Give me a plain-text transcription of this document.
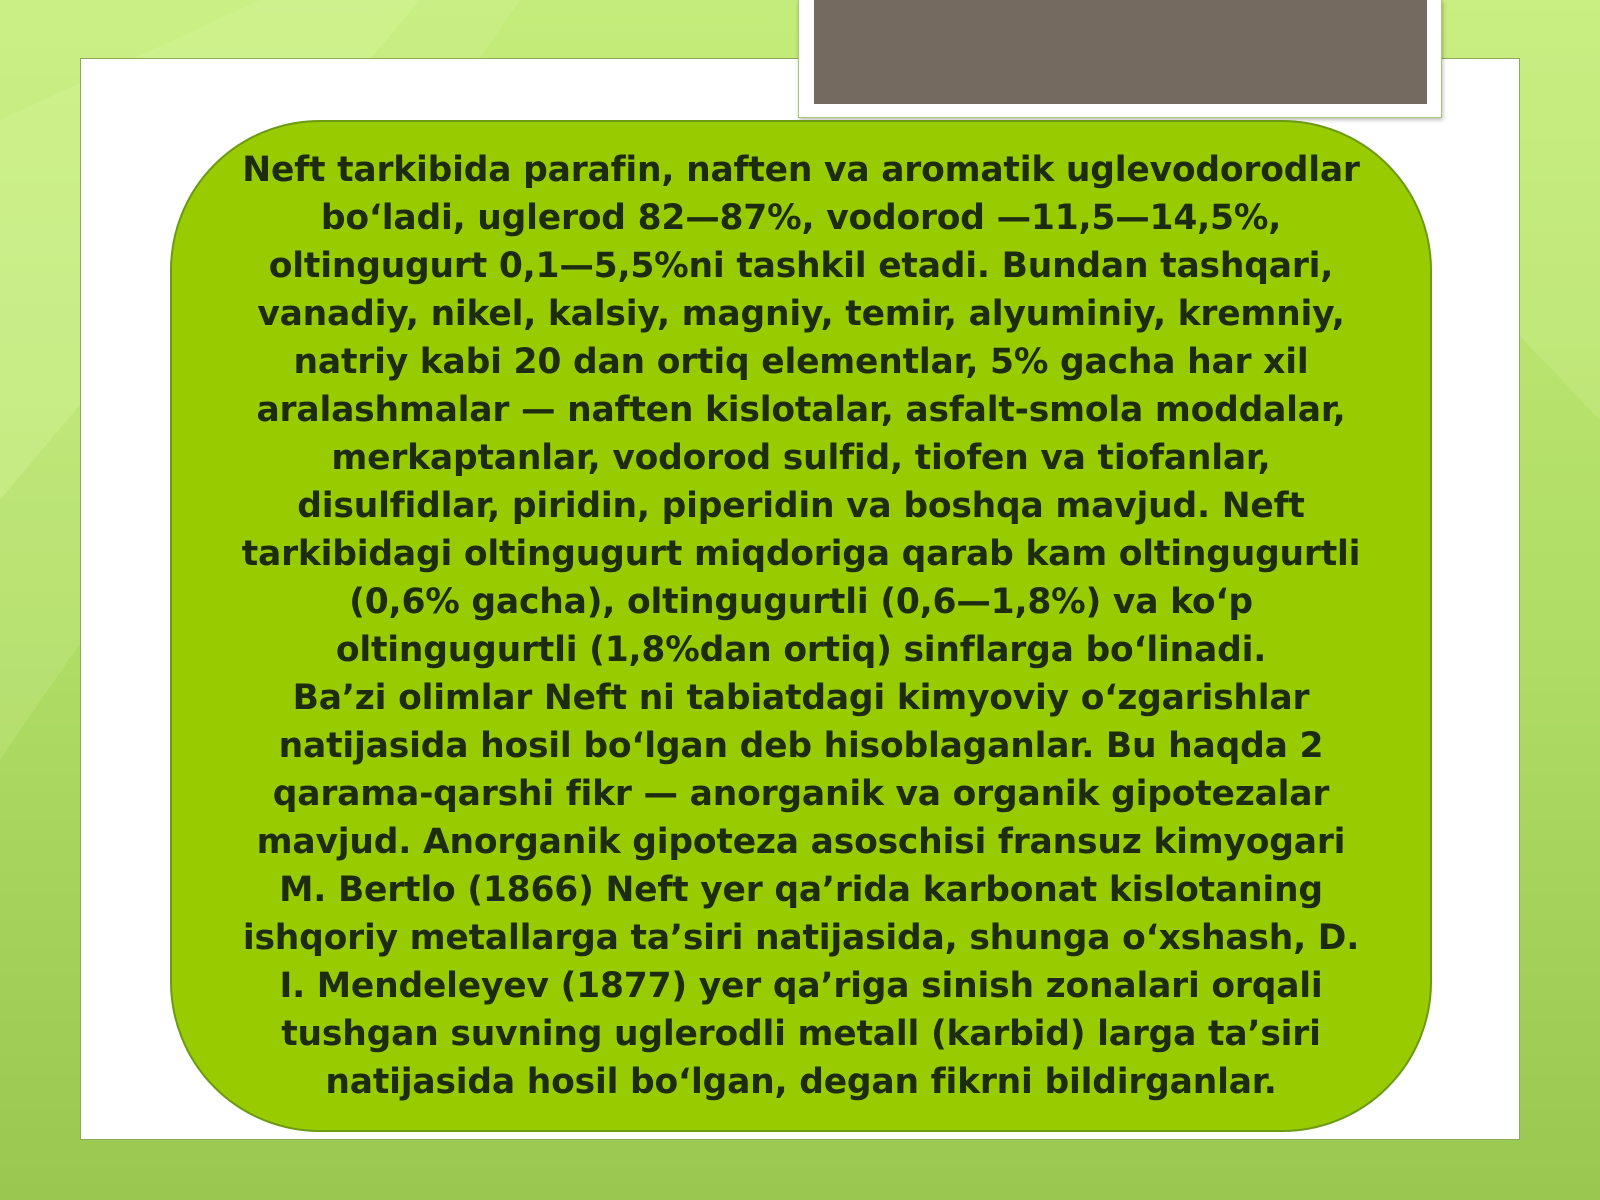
Neft tarkibida parafin, naften va aromatik uglevodorodlar bo‘ladi, uglerod 82—87%, vodorod —11,5—14,5%, oltingugurt 0,1—5,5%ni tashkil etadi. Bundan tashqari, vanadiy, nikel, kalsiy, magniy, temir, alyuminiy, kremniy, natriy kabi 20 dan ortiq elementlar, 5% gacha har xil aralashmalar — naften kislotalar, asfalt-smola moddalar, merkaptanlar, vodorod sulfid, tiofen va tiofanlar, disulfidlar, piridin, piperidin va boshqa mavjud. Neft tarkibidagi oltingugurt miqdoriga qarab kam oltingugurtli (0,6% gacha), oltingugurtli (0,6—1,8%) va ko‘p oltingugurtli (1,8%dan ortiq) sinflarga bo‘linadi.

Ba’zi olimlar Neft ni tabiatdagi kimyoviy o‘zgarishlar natijasida hosil bo‘lgan deb hisoblaganlar. Bu haqda 2 qarama-qarshi fikr — anorganik va organik gipotezalar mavjud. Anorganik gipoteza asoschisi fransuz kimyogari M. Bertlo (1866) Neft yer qa’rida karbonat kislotaning ishqoriy metallarga ta’siri natijasida, shunga o‘xshash, D. I. Mendeleyev (1877) yer qa’riga sinish zonalari orqali tushgan suvning uglerodli metall (karbid) larga ta’siri natijasida hosil bo‘lgan, degan fikrni bildirganlar.
